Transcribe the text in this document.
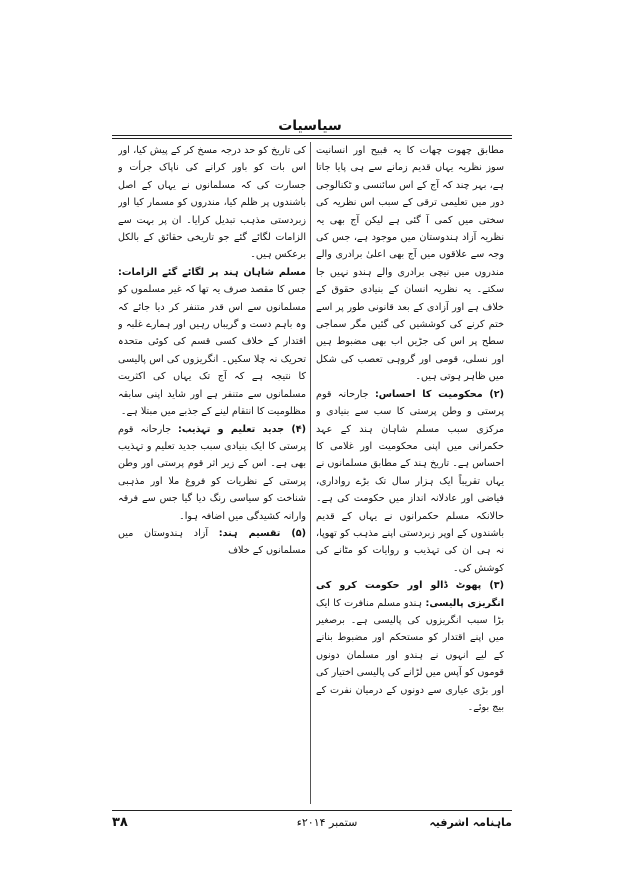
سیاسیات

مطابق چھوت چھات کا یہ قبیح اور انسانیت سوز نظریہ یہاں قدیم زمانے سے ہی پایا جاتا ہے، بہر چند کہ آج کے اس سائنسی و ٹکنالوجی دور میں تعلیمی ترقی کے سبب اس نظریہ کی سختی میں کمی آ گئی ہے لیکن آج بھی یہ نظریہ آزاد ہندوستان میں موجود ہے، جس کی وجہ سے علاقوں میں آج بھی اعلیٰ برادری والے مندروں میں نیچی برادری والے ہندو نہیں جا سکتے۔ یہ نظریہ انسان کے بنیادی حقوق کے خلاف ہے اور آزادی کے بعد قانونی طور پر اسے ختم کرنے کی کوششیں کی گئیں مگر سماجی سطح پر اس کی جڑیں اب بھی مضبوط ہیں اور نسلی، قومی اور گروہی تعصب کی شکل میں ظاہر ہوتی ہیں۔

(۲) محکومیت کا احساس: جارحانہ قوم پرستی و وطن پرستی کا سب سے بنیادی و مرکزی سبب مسلم شاہان ہند کے عہد حکمرانی میں اپنی محکومیت اور غلامی کا احساس ہے۔ تاریخ ہند کے مطابق مسلمانوں نے یہاں تقریباً ایک ہزار سال تک بڑے رواداری، فیاضی اور عادلانہ انداز میں حکومت کی ہے۔ حالانکہ مسلم حکمرانوں نے یہاں کے قدیم باشندوں کے اوپر زبردستی اپنے مذہب کو تھوپا، نہ ہی ان کی تہذیب و روایات کو مٹانے کی کوشش کی۔

(۳) پھوٹ ڈالو اور حکومت کرو کی انگریزی پالیسی: ہندو مسلم منافرت کا ایک بڑا سبب انگریزوں کی پالیسی ہے۔ برصغیر میں اپنے اقتدار کو مستحکم اور مضبوط بنانے کے لیے انہوں نے ہندو اور مسلمان دونوں قوموں کو آپس میں لڑانے کی پالیسی اختیار کی اور بڑی عیاری سے دونوں کے درمیان نفرت کے بیج بوئے۔

کی تاریخ کو حد درجہ مسخ کر کے پیش کیا، اور اس بات کو باور کرانے کی ناپاک جرأت و جسارت کی کہ مسلمانوں نے یہاں کے اصل باشندوں پر ظلم کیا، مندروں کو مسمار کیا اور زبردستی مذہب تبدیل کرایا۔ ان پر بہت سے الزامات لگائے گئے جو تاریخی حقائق کے بالکل برعکس ہیں۔

مسلم شاہان ہند پر لگائے گئے الزامات: جس کا مقصد صرف یہ تھا کہ غیر مسلموں کو مسلمانوں سے اس قدر متنفر کر دیا جائے کہ وہ باہم دست و گریباں رہیں اور ہمارے غلبہ و اقتدار کے خلاف کسی قسم کی کوئی متحدہ تحریک نہ چلا سکیں۔ انگریزوں کی اس پالیسی کا نتیجہ ہے کہ آج تک یہاں کی اکثریت مسلمانوں سے متنفر ہے اور شاید اپنی سابقہ مظلومیت کا انتقام لینے کے جذبے میں مبتلا ہے۔

(۴) جدید تعلیم و تہذیب: جارحانہ قوم پرستی کا ایک بنیادی سبب جدید تعلیم و تہذیب بھی ہے۔ اس کے زیر اثر قوم پرستی اور وطن پرستی کے نظریات کو فروغ ملا اور مذہبی شناخت کو سیاسی رنگ دیا گیا جس سے فرقہ وارانہ کشیدگی میں اضافہ ہوا۔

(۵) تقسیم ہند: آزاد ہندوستان میں مسلمانوں کے خلاف

ماہنامہ اشرفیہ
ستمبر ۲۰۱۴ء
۳۸
